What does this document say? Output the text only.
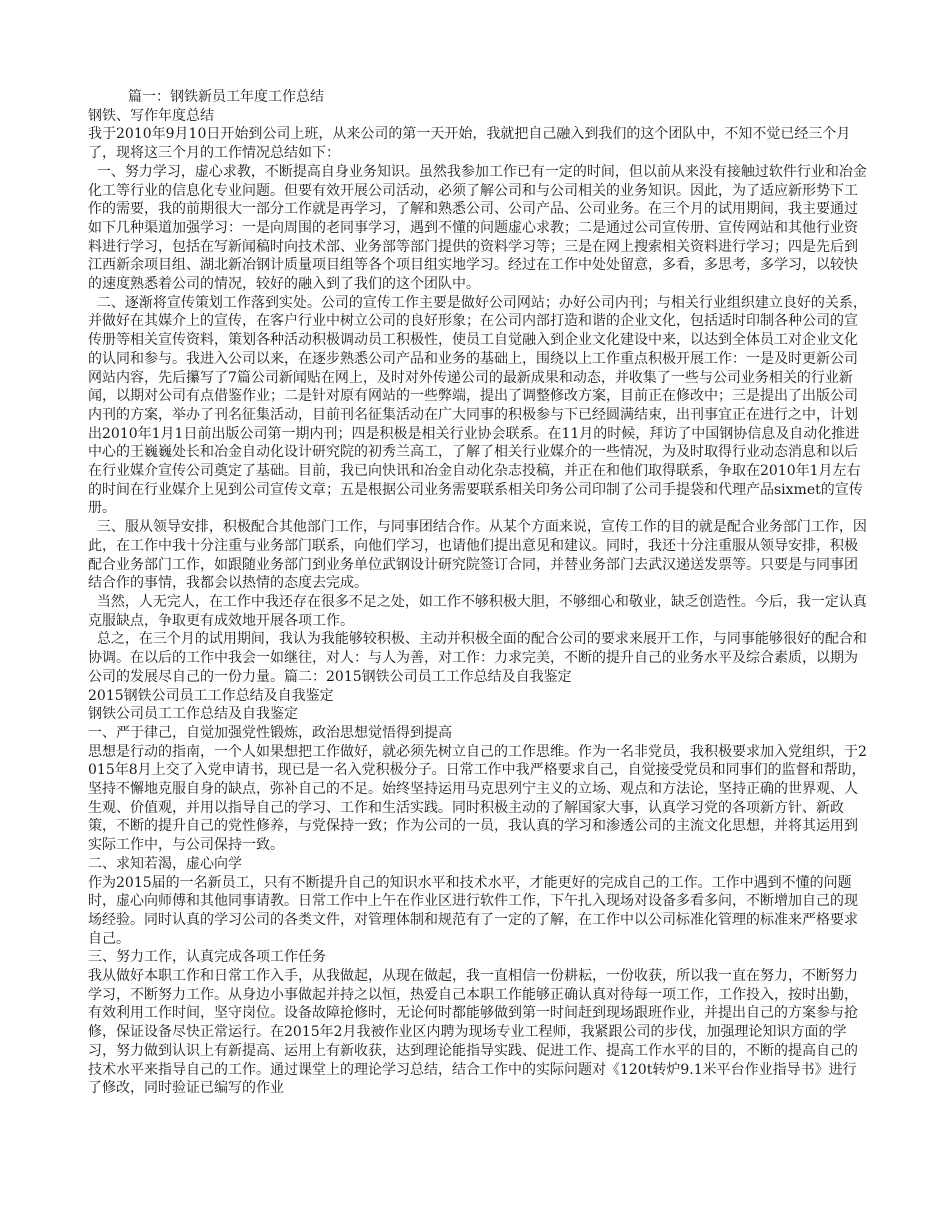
篇一：钢铁新员工年度工作总结

钢铁、写作年度总结

我于2010年9月10日开始到公司上班，从来公司的第一天开始，我就把自己融入到我们的这个团队中，不知不觉已经三个月了，现将这三个月的工作情况总结如下：

一、努力学习，虚心求教，不断提高自身业务知识。虽然我参加工作已有一定的时间，但以前从来没有接触过软件行业和冶金化工等行业的信息化专业问题。但要有效开展公司活动，必须了解公司和与公司相关的业务知识。因此，为了适应新形势下工作的需要，我的前期很大一部分工作就是再学习，了解和熟悉公司、公司产品、公司业务。在三个月的试用期间，我主要通过如下几种渠道加强学习：一是向周围的老同事学习，遇到不懂的问题虚心求教；二是通过公司宣传册、宣传网站和其他行业资料进行学习，包括在写新闻稿时向技术部、业务部等部门提供的资料学习等；三是在网上搜索相关资料进行学习；四是先后到江西新余项目组、湖北新冶钢计质量项目组等各个项目组实地学习。经过在工作中处处留意，多看，多思考，多学习，以较快的速度熟悉着公司的情况，较好的融入到了我们的这个团队中。

二、逐渐将宣传策划工作落到实处。公司的宣传工作主要是做好公司网站；办好公司内刊；与相关行业组织建立良好的关系，并做好在其媒介上的宣传，在客户行业中树立公司的良好形象；在公司内部打造和谐的企业文化，包括适时印制各种公司的宣传册等相关宣传资料，策划各种活动积极调动员工积极性，使员工自觉融入到企业文化建设中来，以达到全体员工对企业文化的认同和参与。我进入公司以来，在逐步熟悉公司产品和业务的基础上，围绕以上工作重点积极开展工作：一是及时更新公司网站内容，先后攥写了7篇公司新闻贴在网上，及时对外传递公司的最新成果和动态，并收集了一些与公司业务相关的行业新闻，以期对公司有点借鉴作业；二是针对原有网站的一些弊端，提出了调整修改方案，目前正在修改中；三是提出了出版公司内刊的方案，举办了刊名征集活动，目前刊名征集活动在广大同事的积极参与下已经圆满结束，出刊事宜正在进行之中，计划出2010年1月1日前出版公司第一期内刊；四是积极是相关行业协会联系。在11月的时候，拜访了中国钢协信息及自动化推进中心的王巍巍处长和冶金自动化设计研究院的初秀兰高工，了解了相关行业媒介的一些情况，为及时取得行业动态消息和以后在行业媒介宣传公司奠定了基础。目前，我已向快讯和冶金自动化杂志投稿，并正在和他们取得联系，争取在2010年1月左右的时间在行业媒介上见到公司宣传文章；五是根据公司业务需要联系相关印务公司印制了公司手提袋和代理产品sixmet的宣传册。

三、服从领导安排，积极配合其他部门工作，与同事团结合作。从某个方面来说，宣传工作的目的就是配合业务部门工作，因此，在工作中我十分注重与业务部门联系，向他们学习，也请他们提出意见和建议。同时，我还十分注重服从领导安排，积极配合业务部门工作，如跟随业务部门到业务单位武钢设计研究院签订合同，并替业务部门去武汉递送发票等。只要是与同事团结合作的事情，我都会以热情的态度去完成。

当然，人无完人，在工作中我还存在很多不足之处，如工作不够积极大胆，不够细心和敬业，缺乏创造性。今后，我一定认真克服缺点，争取更有成效地开展各项工作。

总之，在三个月的试用期间，我认为我能够较积极、主动并积极全面的配合公司的要求来展开工作，与同事能够很好的配合和协调。在以后的工作中我会一如继往，对人：与人为善，对工作：力求完美，不断的提升自己的业务水平及综合素质，以期为公司的发展尽自己的一份力量。篇二：2015钢铁公司员工工作总结及自我鉴定

2015钢铁公司员工工作总结及自我鉴定

钢铁公司员工工作总结及自我鉴定

一、严于律己，自觉加强党性锻炼，政治思想觉悟得到提高

思想是行动的指南，一个人如果想把工作做好，就必须先树立自己的工作思维。作为一名非党员，我积极要求加入党组织，于2015年8月上交了入党申请书，现已是一名入党积极分子。日常工作中我严格要求自己，自觉接受党员和同事们的监督和帮助，坚持不懈地克服自身的缺点，弥补自己的不足。始终坚持运用马克思列宁主义的立场、观点和方法论，坚持正确的世界观、人生观、价值观，并用以指导自己的学习、工作和生活实践。同时积极主动的了解国家大事，认真学习党的各项新方针、新政策，不断的提升自己的党性修养，与党保持一致；作为公司的一员，我认真的学习和渗透公司的主流文化思想，并将其运用到实际工作中，与公司保持一致。

二、求知若渴，虚心向学

作为2015届的一名新员工，只有不断提升自己的知识水平和技术水平，才能更好的完成自己的工作。工作中遇到不懂的问题时，虚心向师傅和其他同事请教。日常工作中上午在作业区进行软件工作，下午扎入现场对设备多看多问，不断增加自己的现场经验。同时认真的学习公司的各类文件，对管理体制和规范有了一定的了解，在工作中以公司标准化管理的标准来严格要求自己。

三、努力工作，认真完成各项工作任务

我从做好本职工作和日常工作入手，从我做起，从现在做起，我一直相信一份耕耘，一份收获，所以我一直在努力，不断努力学习，不断努力工作。从身边小事做起并持之以恒，热爱自己本职工作能够正确认真对待每一项工作，工作投入，按时出勤，有效利用工作时间，坚守岗位。设备故障抢修时，无论何时都能够做到第一时间赶到现场跟班作业，并提出自己的方案参与抢修，保证设备尽快正常运行。在2015年2月我被作业区内聘为现场专业工程师，我紧跟公司的步伐，加强理论知识方面的学习，努力做到认识上有新提高、运用上有新收获，达到理论能指导实践、促进工作、提高工作水平的目的，不断的提高自己的技术水平来指导自己的工作。通过课堂上的理论学习总结，结合工作中的实际问题对《120t转炉9.1米平台作业指导书》进行了修改，同时验证已编写的作业
